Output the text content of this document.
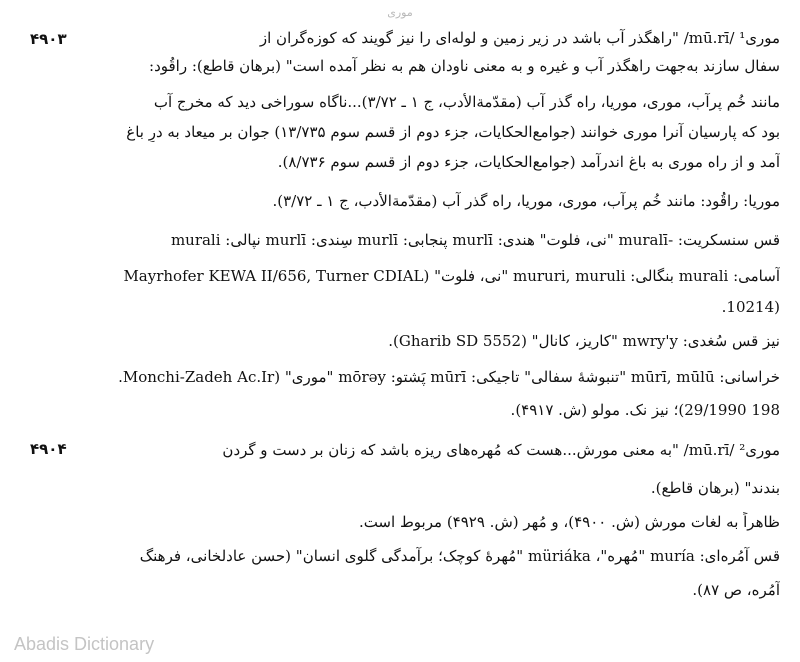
موری
۴۹۰۳	موری¹ /mū.rī/ "راهگذر آب باشد در زیر زمین و لوله‌ای را نیز گویند که کوزه‌گران از
سفال سازند به‌جهت راهگذر آب و غیره و به معنی ناودان هم به نظر آمده است" (برهان قاطع): راقُود:
مانند خُمِ پرآب، موری، موریا، راه گذر آب (مقدّمة‌الأدب، ج ۱ ـ ۳/۷۲)...ناگاه سوراخی دید که مخرجِ آب
بود که پارسیان آنرا موری خوانند (جوامع‌الحکایات، جزء دوم از قسم سوم ۱۳/۷۳۵) جوان بر میعاد به درِ باغ
آمد و از راه موری به باغ اندرآمد (جوامع‌الحکایات، جزء دوم از قسم سوم ۸/۷۳۶).
موریا: راقُود: مانند خُمِ پرآب، موری، موریا، راه گذر آب (مقدّمة‌الأدب، ج ۱ ـ ۳/۷۲).
قس سنسکریت: -muralī "نی، فلوت" هندی: murlī پنجابی: murlī سِندی: murlī نپالی: murali
آسامی: murali بنگالی: mururi, muruli "نی، فلوت" (Mayrhofer KEWA II/656, Turner CDIAL
(10214.
نیز قس سُغدی: mwry'y "کاریز، کانال" (Gharib SD 5552).
خراسانی: mūrī, mūlū "تنبوشهٔ سفالی" تاجیکی: mūrī پَشتو: mōrəy "موری" (Monchi-Zadeh Ac.Ir.
198 29/1990)؛ نیز نک. مولو (ش. ۴۹۱۷).
۴۹۰۴	موری² /mū.rī/ "به معنی مورش...هست که مُهره‌های ریزه باشد که زنان بر دست و گردن
بندند" (برهان قاطع).
ظاهراً به لغات مورش (ش. ۴۹۰۰)، و مُهر (ش. ۴۹۲۹) مربوط است.
قس آمُره‌ای: muría "مُهره"، müriáka "مُهرهٔ کوچک؛ برآمدگی گلوی انسان" (حسن عادلخانی، فرهنگ
آمُره، ص ۸۷).
Abadis Dictionary
